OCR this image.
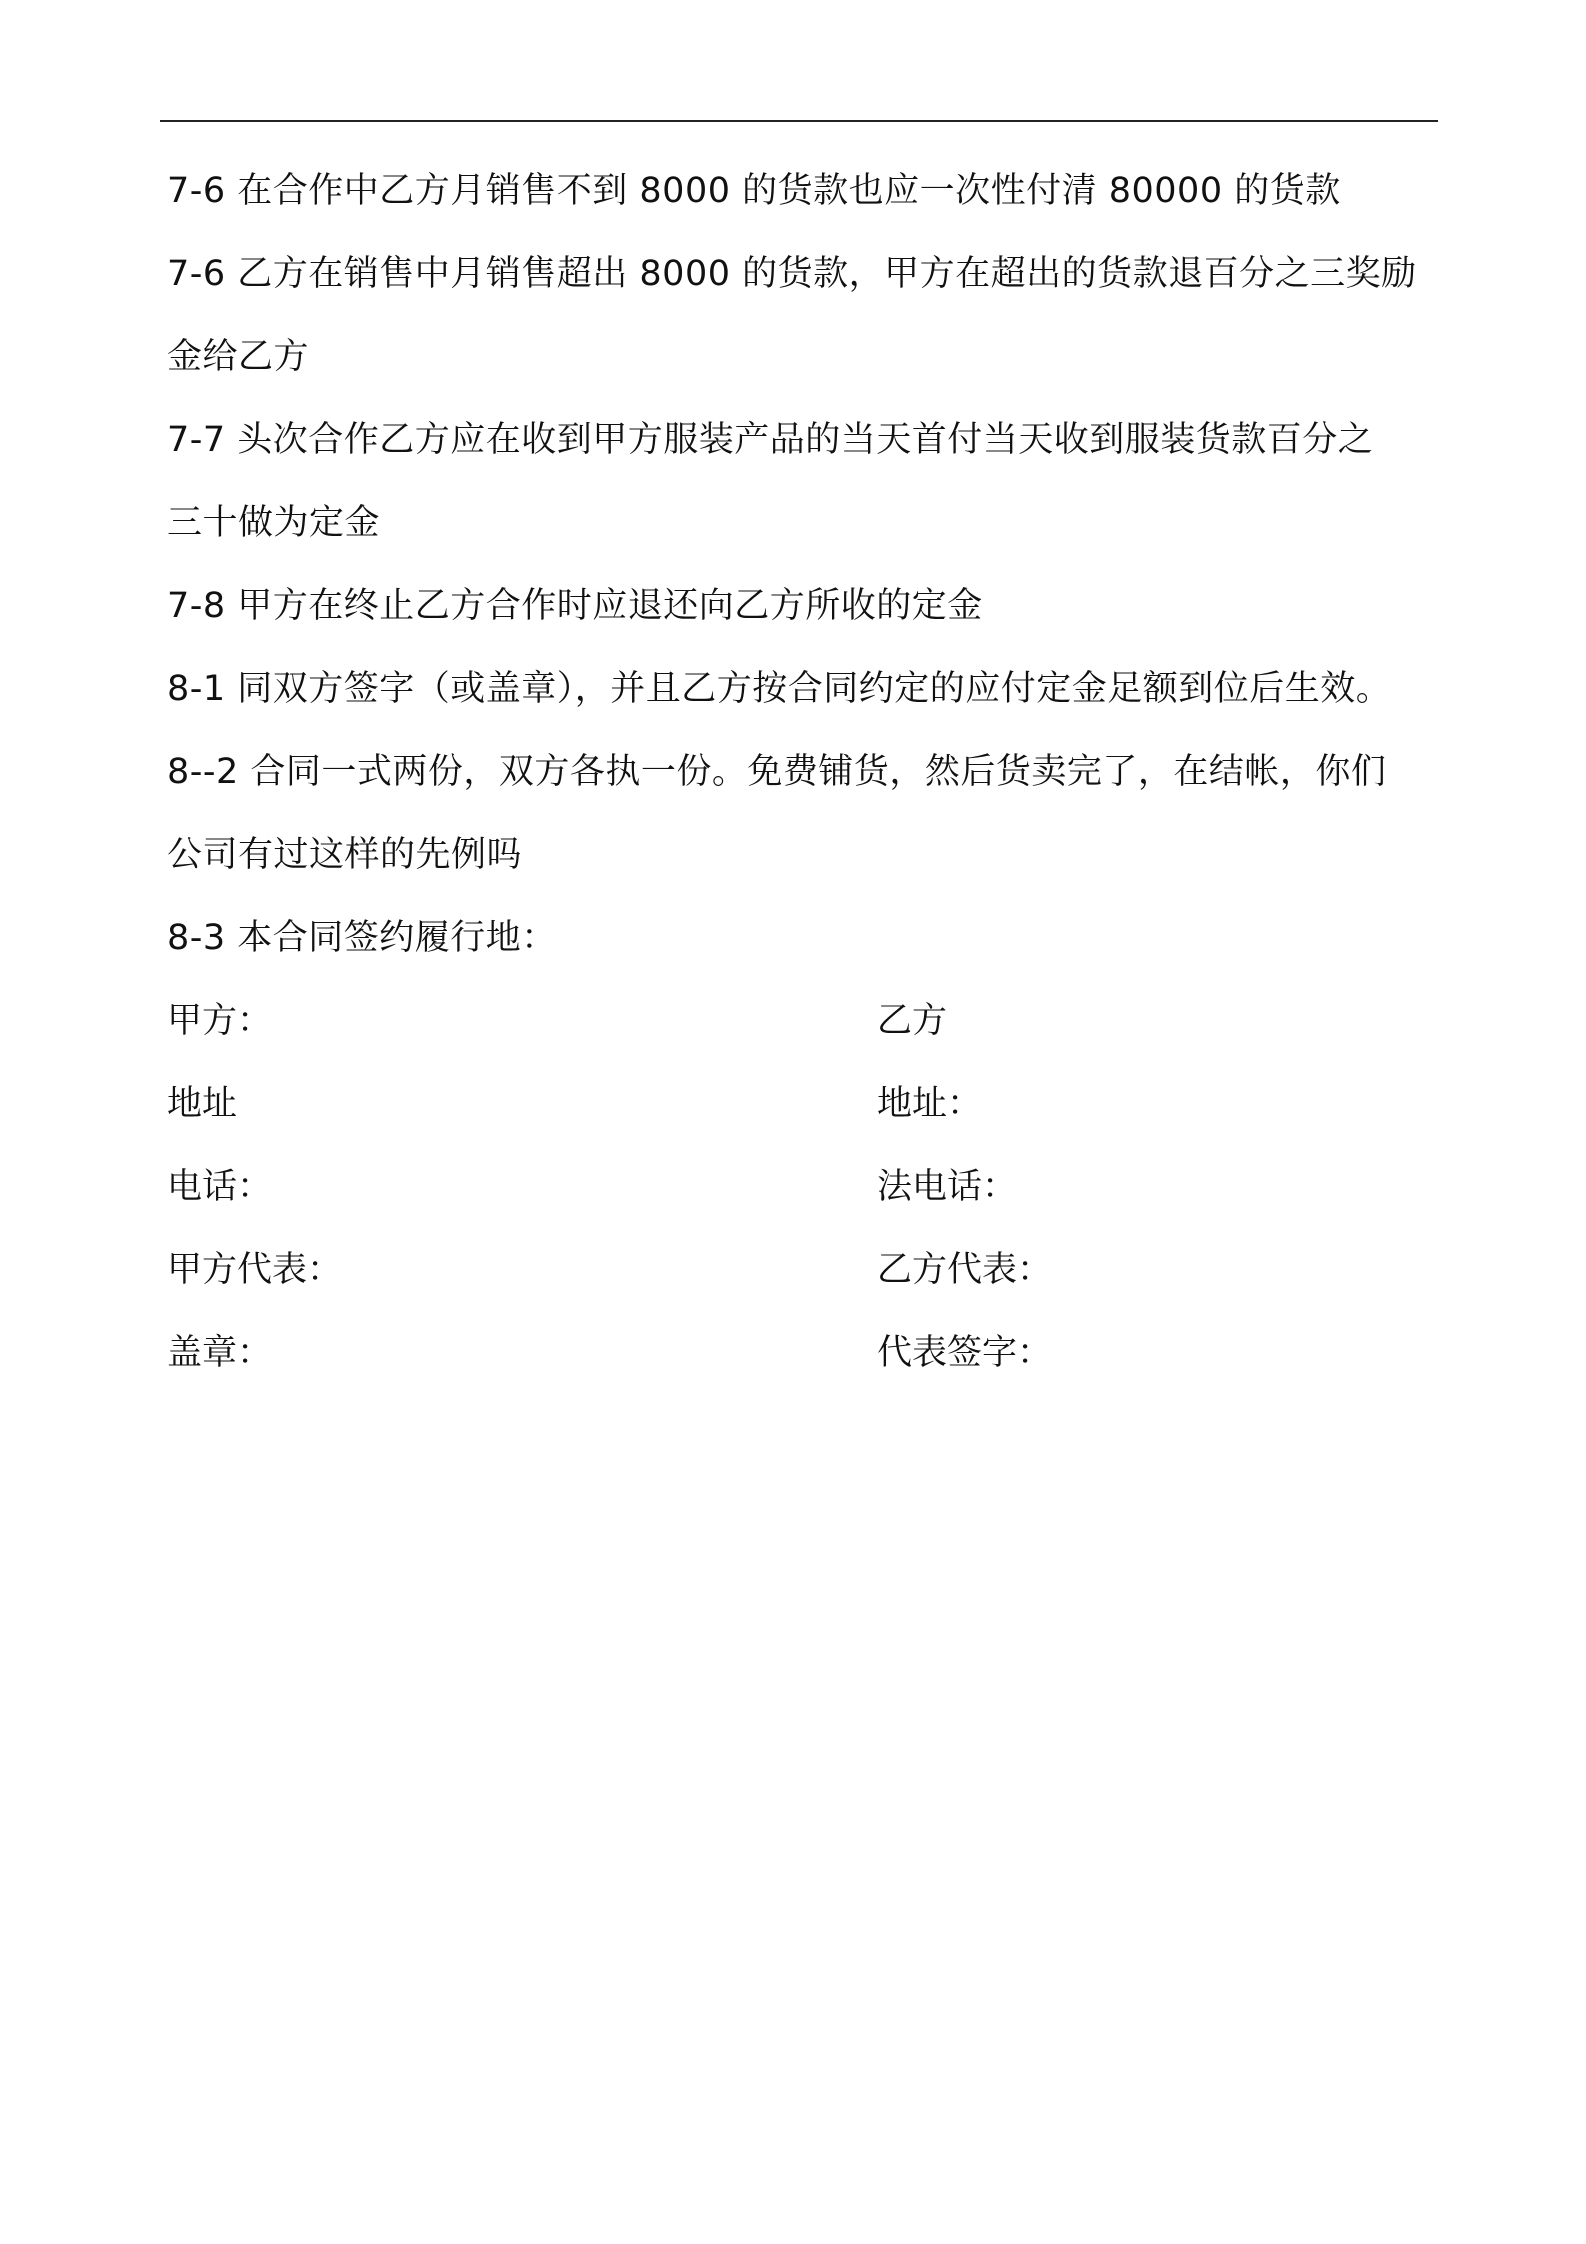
7-6 在合作中乙方月销售不到 8000 的货款也应一次性付清 80000 的货款
7-6 乙方在销售中月销售超出 8000 的货款，甲方在超出的货款退百分之三奖励
金给乙方
7-7 头次合作乙方应在收到甲方服装产品的当天首付当天收到服装货款百分之
三十做为定金
7-8 甲方在终止乙方合作时应退还向乙方所收的定金
8-1 同双方签字（或盖章），并且乙方按合同约定的应付定金足额到位后生效。
8--2 合同一式两份，双方各执一份。免费铺货，然后货卖完了，在结帐，你们
公司有过这样的先例吗
8-3 本合同签约履行地：
甲方：	乙方
地址	地址：
电话：	法电话：
甲方代表：	乙方代表：
盖章：	代表签字：
